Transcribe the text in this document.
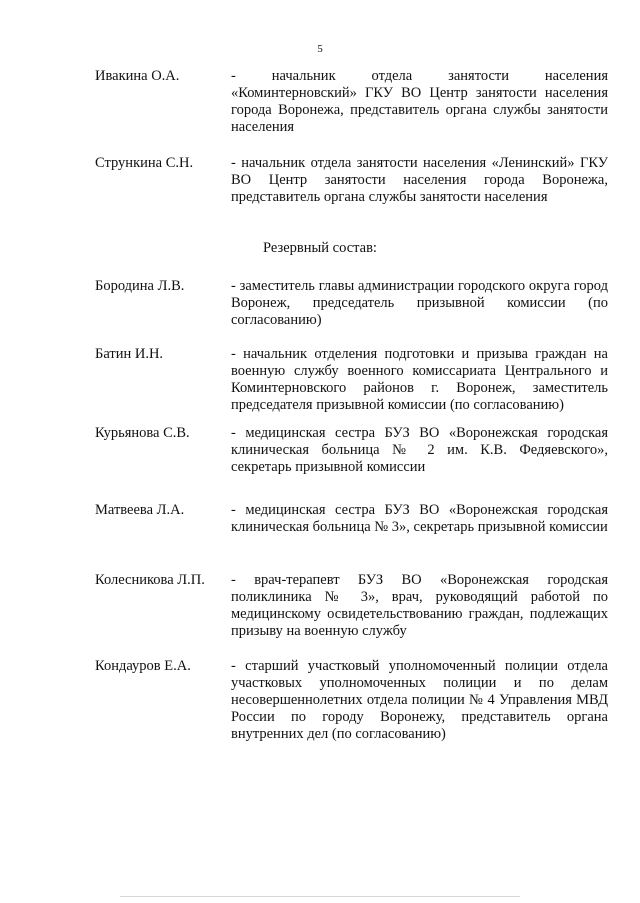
5
Ивакина О.А.	- начальник отдела занятости населения «Коминтерновский» ГКУ ВО Центр занятости населения города Воронежа, представитель органа службы занятости населения
Стрункина С.Н.	- начальник отдела занятости населения «Ленинский» ГКУ ВО Центр занятости населения города Воронежа, представитель органа службы занятости населения
Резервный состав:
Бородина Л.В.	- заместитель главы администрации городского округа город Воронеж, председатель призывной комиссии (по согласованию)
Батин И.Н.	- начальник отделения подготовки и призыва граждан на военную службу военного комиссариата Центрального и Коминтерновского районов г. Воронеж, заместитель председателя призывной комиссии (по согласованию)
Курьянова С.В.	- медицинская сестра БУЗ ВО «Воронежская городская клиническая больница № 2 им. К.В. Федяевского», секретарь призывной комиссии
Матвеева Л.А.	- медицинская сестра БУЗ ВО «Воронежская городская клиническая больница № 3», секретарь призывной комиссии
Колесникова Л.П. - врач-терапевт БУЗ ВО «Воронежская городская поликлиника № 3», врач, руководящий работой по медицинскому освидетельствованию граждан, подлежащих призыву на военную службу
Кондауров Е.А.	- старший участковый уполномоченный полиции отдела участковых уполномоченных полиции и по делам несовершеннолетних отдела полиции № 4 Управления МВД России по городу Воронежу, представитель органа внутренних дел (по согласованию)
